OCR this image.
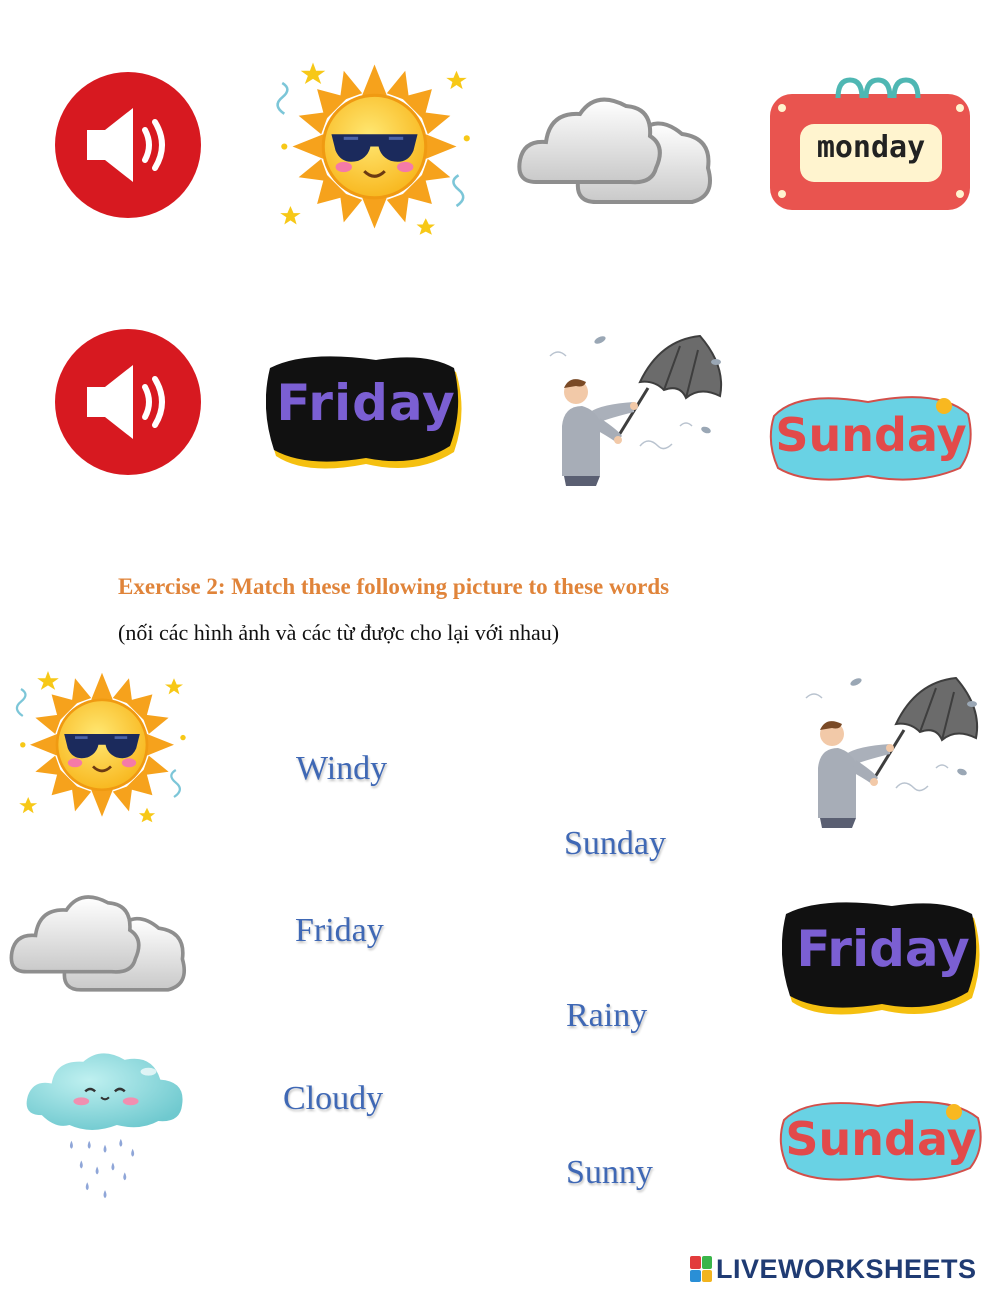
monday
Friday
Sunday
Exercise 2: Match these following picture to these words
(nối các hình ảnh và các từ được cho lại với nhau)
Windy
Friday
Cloudy
Sunday
Rainy
Sunny
Friday
Sunday
LIVEWORKSHEETS
